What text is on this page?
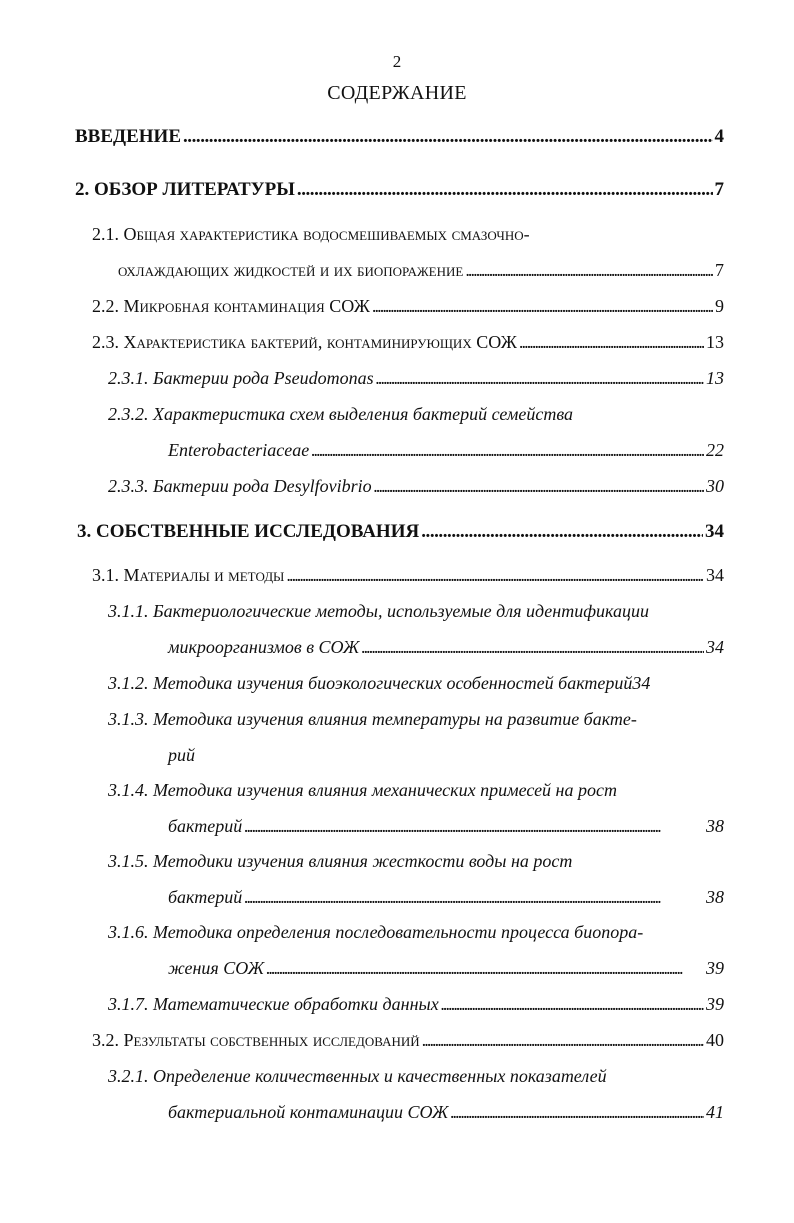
2
СОДЕРЖАНИЕ
ВВЕДЕНИЕ . . .	4
2. ОБЗОР ЛИТЕРАТУРЫ . . .	7
2.1. Общая характеристика водосмешиваемых смазочно-
охлаждающих жидкостей и их биопоражение . . .	7
2.2. Микробная контаминация СОЖ . . .	9
2.3. Характеристика бактерий, контаминирующих СОЖ . . .	13
2.3.1. Бактерии рода Pseudomonas . . .	13
2.3.2. Характеристика схем выделения бактерий семейства
Enterobacteriaceae . . .	22
2.3.3. Бактерии рода Desylfovibrio . . .	30
3. СОБСТВЕННЫЕ ИССЛЕДОВАНИЯ . . .	34
3.1. Материалы и методы . . .	34
3.1.1. Бактериологические методы, используемые для идентификации
микроорганизмов в СОЖ . . .	34
3.1.2. Методика изучения биоэкологических особенностей бактерий34
3.1.3. Методика изучения влияния температуры на развитие бакте-
рий
3.1.4. Методика изучения влияния механических примесей на рост
бактерий . . .	38
3.1.5. Методики изучения влияния жесткости воды на рост
бактерий . . .	38
3.1.6. Методика определения последовательности процесса биопора-
жения СОЖ . . .	39
3.1.7. Математические обработки данных . . .	39
3.2. Результаты собственных исследований . . .	40
3.2.1. Определение количественных и качественных показателей
бактериальной контаминации СОЖ . . .	41
